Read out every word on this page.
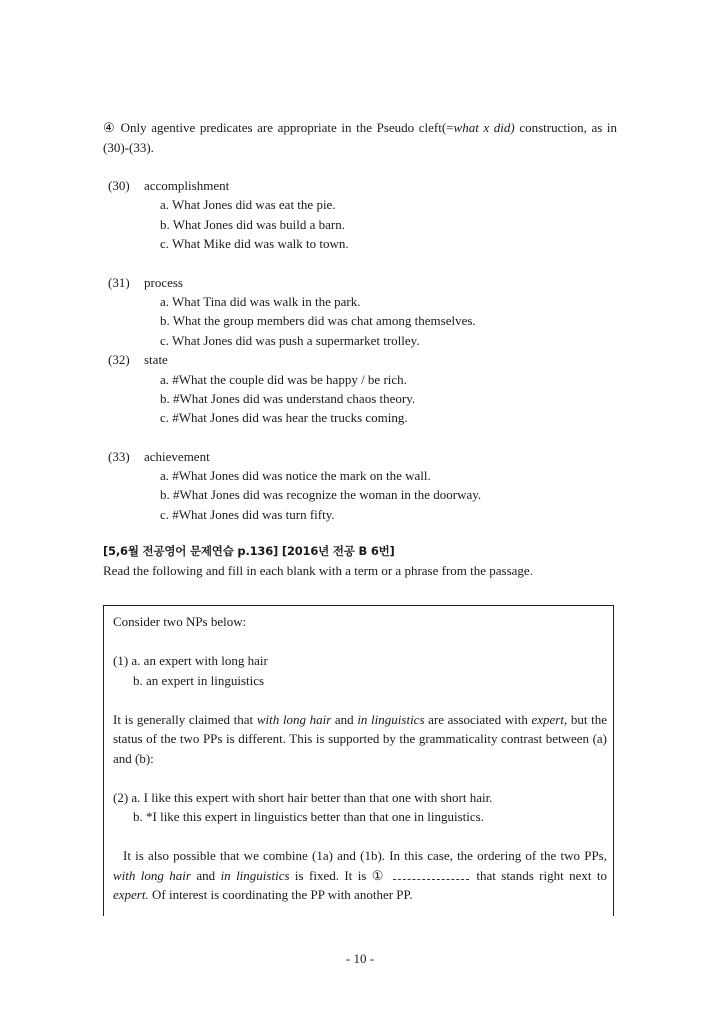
④ Only agentive predicates are appropriate in the Pseudo cleft(=what x did) construction, as in (30)-(33).

(30) accomplishment
a. What Jones did was eat the pie.
b. What Jones did was build a barn.
c. What Mike did was walk to town.
(31) process
a. What Tina did was walk in the park.
b. What the group members did was chat among themselves.
c. What Jones did was push a supermarket trolley.
(32) state
a. #What the couple did was be happy / be rich.
b. #What Jones did was understand chaos theory.
c. #What Jones did was hear the trucks coming.
(33) achievement
a. #What Jones did was notice the mark on the wall.
b. #What Jones did was recognize the woman in the doorway.
c. #What Jones did was turn fifty.
[5,6월 전공영어 문제연습 p.136] [2016년 전공 B 6번]

Read the following and fill in each blank with a term or a phrase from the passage.

Consider two NPs below:
(1) a. an expert with long hair
b. an expert in linguistics

It is generally claimed that with long hair and in linguistics are associated with expert, but the status of the two PPs is different. This is supported by the grammaticality contrast between (a) and (b):

(2) a. I like this expert with short hair better than that one with short hair.
b. *I like this expert in linguistics better than that one in linguistics.

It is also possible that we combine (1a) and (1b). In this case, the ordering of the two PPs, with long hair and in linguistics is fixed. It is ①	that stands right next to expert. Of interest is coordinating the PP with another PP.

- 10 -
